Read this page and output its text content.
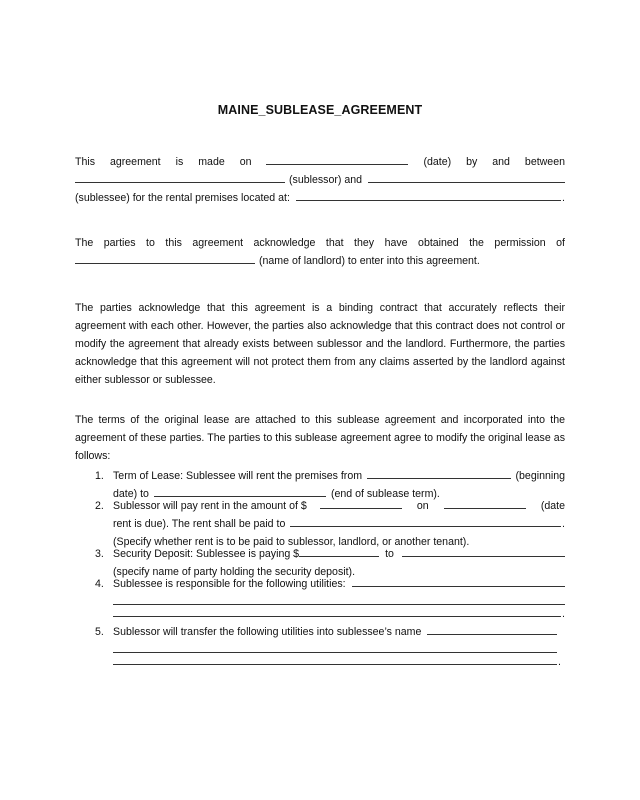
MAINE_SUBLEASE_AGREEMENT
This agreement is made on	(date) by and between
(sublessor) and
(sublessee) for the rental premises located at:	.
The parties to this agreement acknowledge that they have obtained the permission of
(name of landlord) to enter into this agreement.
The parties acknowledge that this agreement is a binding contract that accurately reflects their agreement with each other. However, the parties also acknowledge that this contract does not control or modify the agreement that already exists between sublessor and the landlord. Furthermore, the parties acknowledge that this agreement will not protect them from any claims asserted by the landlord against either sublessor or sublessee.
The terms of the original lease are attached to this sublease agreement and incorporated into the agreement of these parties. The parties to this sublease agreement agree to modify the original lease as follows:
1. Term of Lease: Sublessee will rent the premises from	(beginning
date) to	(end of sublease term).
2. Sublessor will pay rent in the amount of $	on	(date
rent is due). The rent shall be paid to	.
(Specify whether rent is to be paid to sublessor, landlord, or another tenant).
3. Security Deposit: Sublessee is paying $	to
(specify name of party holding the security deposit).
4. Sublessee is responsible for the following utilities:
.
5. Sublessor will transfer the following utilities into sublessee’s name
.
